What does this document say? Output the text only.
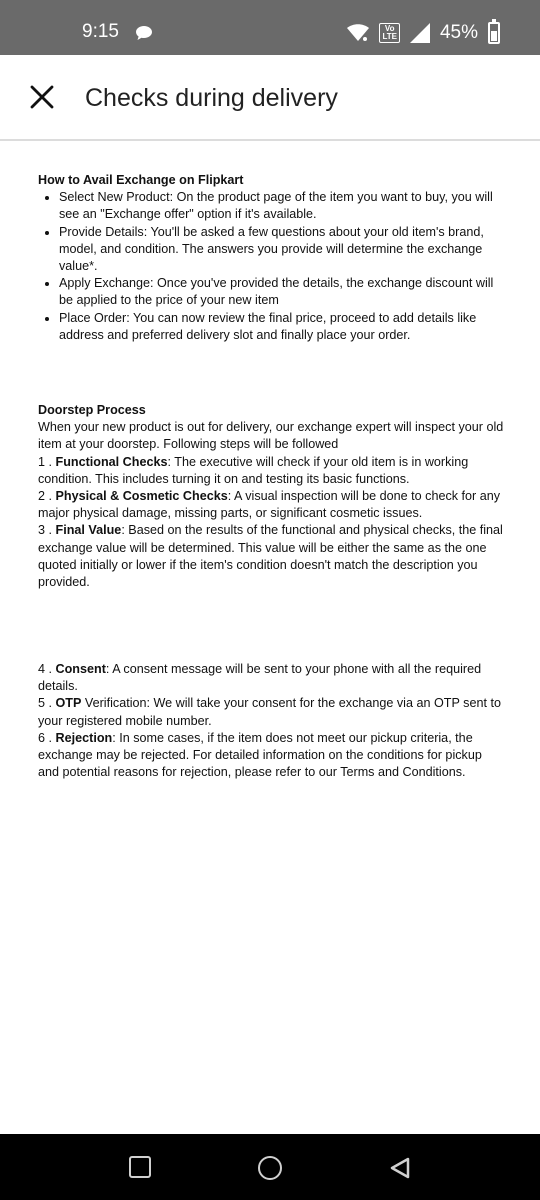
9:15	Vo
LTE 45%
Checks during delivery

How to Avail Exchange on Flipkart

• Select New Product: On the product page of the item you want to buy, you will see an "Exchange offer" option if it's available.
• Provide Details: You'll be asked a few questions about your old item's brand, model, and condition. The answers you provide will determine the exchange value*.
• Apply Exchange: Once you've provided the details, the exchange discount will be applied to the price of your new item
• Place Order: You can now review the final price, proceed to add details like address and preferred delivery slot and finally place your order.

Doorstep Process

When your new product is out for delivery, our exchange expert will inspect your old item at your doorstep. Following steps will be followed

1 . Functional Checks: The executive will check if your old item is in working condition. This includes turning it on and testing its basic functions.

2 . Physical & Cosmetic Checks: A visual inspection will be done to check for any major physical damage, missing parts, or significant cosmetic issues.

3 . Final Value: Based on the results of the functional and physical checks, the final exchange value will be determined. This value will be either the same as the one quoted initially or lower if the item's condition doesn't match the description you provided.

4 . Consent: A consent message will be sent to your phone with all the required details.

5 . OTP Verification: We will take your consent for the exchange via an OTP sent to your registered mobile number.

6 . Rejection: In some cases, if the item does not meet our pickup criteria, the exchange may be rejected. For detailed information on the conditions for pickup and potential reasons for rejection, please refer to our Terms and Conditions.
